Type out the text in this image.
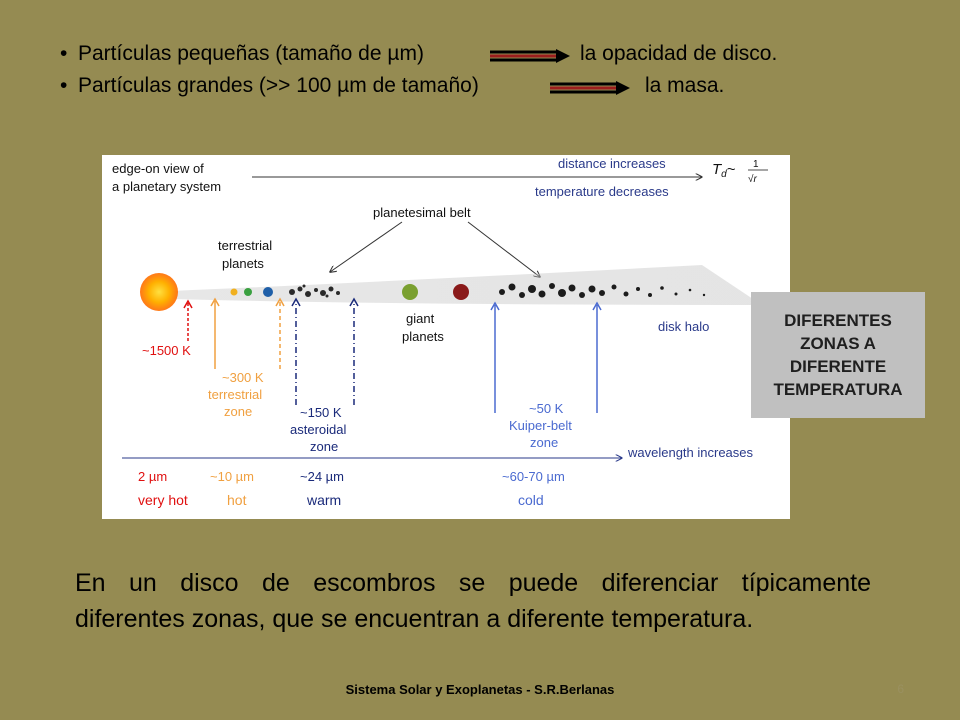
• Partículas pequeñas (tamaño de µm)	la opacidad de disco.
• Partículas grandes (>> 100 µm de tamaño)	la masa.
edge-on view of
a planetary system
distance increases
temperature decreases
$T_d\sim$ 1
√r
planetesimal belt
terrestrial
planets
giant
planets
disk halo
~1500 K
~300 K
terrestrial
zone	~150 K
asteroidal
zone
~50 K
Kuiper-belt
zone
wavelength increases
2 µm	~10 µm	~24 µm	~60-70 µm
very hot	hot	warm	cold
DIFERENTES
ZONAS A
DIFERENTE
TEMPERATURA
En un disco de escombros se puede diferenciar típicamente
diferentes zonas, que se encuentran a diferente temperatura.
Sistema Solar y Exoplanetas - S.R.Berlanas	6
